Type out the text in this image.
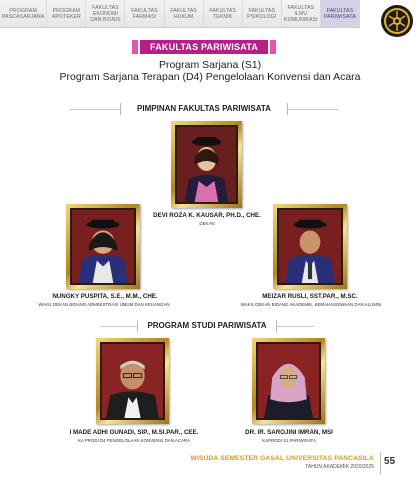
PROGRAM
PASCASARJANA
PROGRAM
APOTEKER
FAKULTAS EKONOMI
DAN BISNIS
FAKULTAS
FARMASI
FAKULTAS
HUKUM
FAKULTAS
TEKNIK
FAKULTAS
PSIKOLOGI
FAKULTAS ILMU
KOMUNIKASI
FAKULTAS
PARIWISATA
FAKULTAS PARIWISATA
Program Sarjana (S1)
Program Sarjana Terapan (D4) Pengelolaan Konvensi dan Acara
PIMPINAN FAKULTAS PARIWISATA
DEVI ROZA K. KAUSAR, PH.D., CHE.
DEKAN
NUNGKY PUSPITA, S.E., M.M., CHE.
WAKIL DEKAN BIDANG ADMINISTRASI UMUM DAN KEUANGAN
MEIZAR RUSLI, SST.PAR., M.SC.
WAKIL DEKAN BIDANG AKADEMIK, KEMAHASISWAAN DAN ALUMNI
PROGRAM STUDI PARIWISATA
I MADE ADHI GUNADI, SIP., M.SI.PAR., CEE.
KA PRODI D4 PENGELOLAAN KONVENSI DAN ACARA
DR. IR. SAROJINI IMRAN, MSI
KAPRODI S1 PARIWISATA
WISUDA SEMESTER GASAL UNIVERSITAS PANCASILA
TAHUN AKADEMIK 2020/2025 55
